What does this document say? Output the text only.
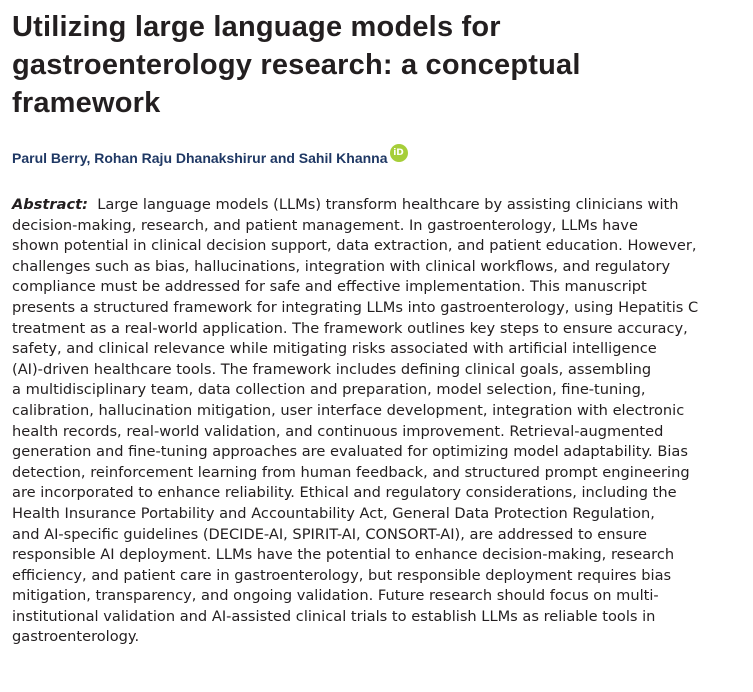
Utilizing large language models for
gastroenterology research: a conceptual
framework
Parul Berry, Rohan Raju Dhanakshirur and Sahil Khanna iD
Abstract: Large language models (LLMs) transform healthcare by assisting clinicians with
decision-making, research, and patient management. In gastroenterology, LLMs have
shown potential in clinical decision support, data extraction, and patient education. However,
challenges such as bias, hallucinations, integration with clinical workflows, and regulatory
compliance must be addressed for safe and effective implementation. This manuscript
presents a structured framework for integrating LLMs into gastroenterology, using Hepatitis C
treatment as a real-world application. The framework outlines key steps to ensure accuracy,
safety, and clinical relevance while mitigating risks associated with artificial intelligence
(AI)-driven healthcare tools. The framework includes defining clinical goals, assembling
a multidisciplinary team, data collection and preparation, model selection, fine-tuning,
calibration, hallucination mitigation, user interface development, integration with electronic
health records, real-world validation, and continuous improvement. Retrieval-augmented
generation and fine-tuning approaches are evaluated for optimizing model adaptability. Bias
detection, reinforcement learning from human feedback, and structured prompt engineering
are incorporated to enhance reliability. Ethical and regulatory considerations, including the
Health Insurance Portability and Accountability Act, General Data Protection Regulation,
and AI-specific guidelines (DECIDE-AI, SPIRIT-AI, CONSORT-AI), are addressed to ensure
responsible AI deployment. LLMs have the potential to enhance decision-making, research
efficiency, and patient care in gastroenterology, but responsible deployment requires bias
mitigation, transparency, and ongoing validation. Future research should focus on multi-
institutional validation and AI-assisted clinical trials to establish LLMs as reliable tools in
gastroenterology.
